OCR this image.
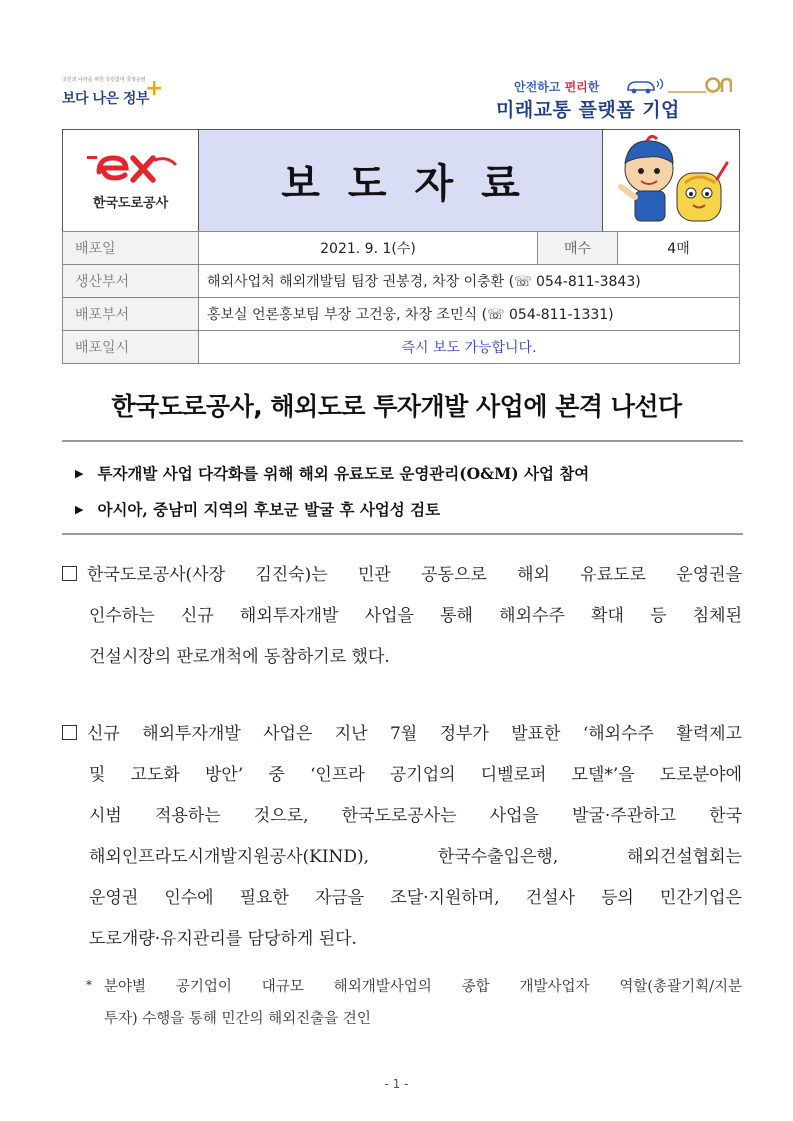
국민과 나라를 위한 국민참여 국정운영
보다 나은 정부
+	안전하고 편리한
미래교통 플랫폼 기업
한국도로공사	보도자료	
배포일	2021. 9. 1(수)	매수	4매
생산부서	해외사업처 해외개발팀 팀장 권봉경, 차장 이충환 (☏ 054-811-3843)		
배포부서	홍보실 언론홍보팀 부장 고건웅, 차장 조민식 (☏ 054-811-1331)		
배포일시	즉시 보도 가능합니다.		
한국도로공사, 해외도로 투자개발 사업에 본격 나선다
▶ 투자개발 사업 다각화를 위해 해외 유료도로 운영관리(O&M) 사업 참여
▶ 아시아, 중남미 지역의 후보군 발굴 후 사업성 검토
한국도로공사(사장 김진숙)는 민관 공동으로 해외 유료도로 운영권을
인수하는 신규 해외투자개발 사업을 통해 해외수주 확대 등 침체된
건설시장의 판로개척에 동참하기로 했다.
신규 해외투자개발 사업은 지난 7월 정부가 발표한 ‘해외수주 활력제고
및 고도화 방안’ 중 ‘인프라 공기업의 디벨로퍼 모델*’을 도로분야에
시범 적용하는 것으로, 한국도로공사는 사업을 발굴·주관하고 한국
해외인프라도시개발지원공사(KIND), 한국수출입은행, 해외건설협회는
운영권 인수에 필요한 자금을 조달·지원하며, 건설사 등의 민간기업은
도로개량·유지관리를 담당하게 된다.
* 분야별 공기업이 대규모 해외개발사업의 종합 개발사업자 역할(총괄기획/지분
투자) 수행을 통해 민간의 해외진출을 견인
- 1 -
